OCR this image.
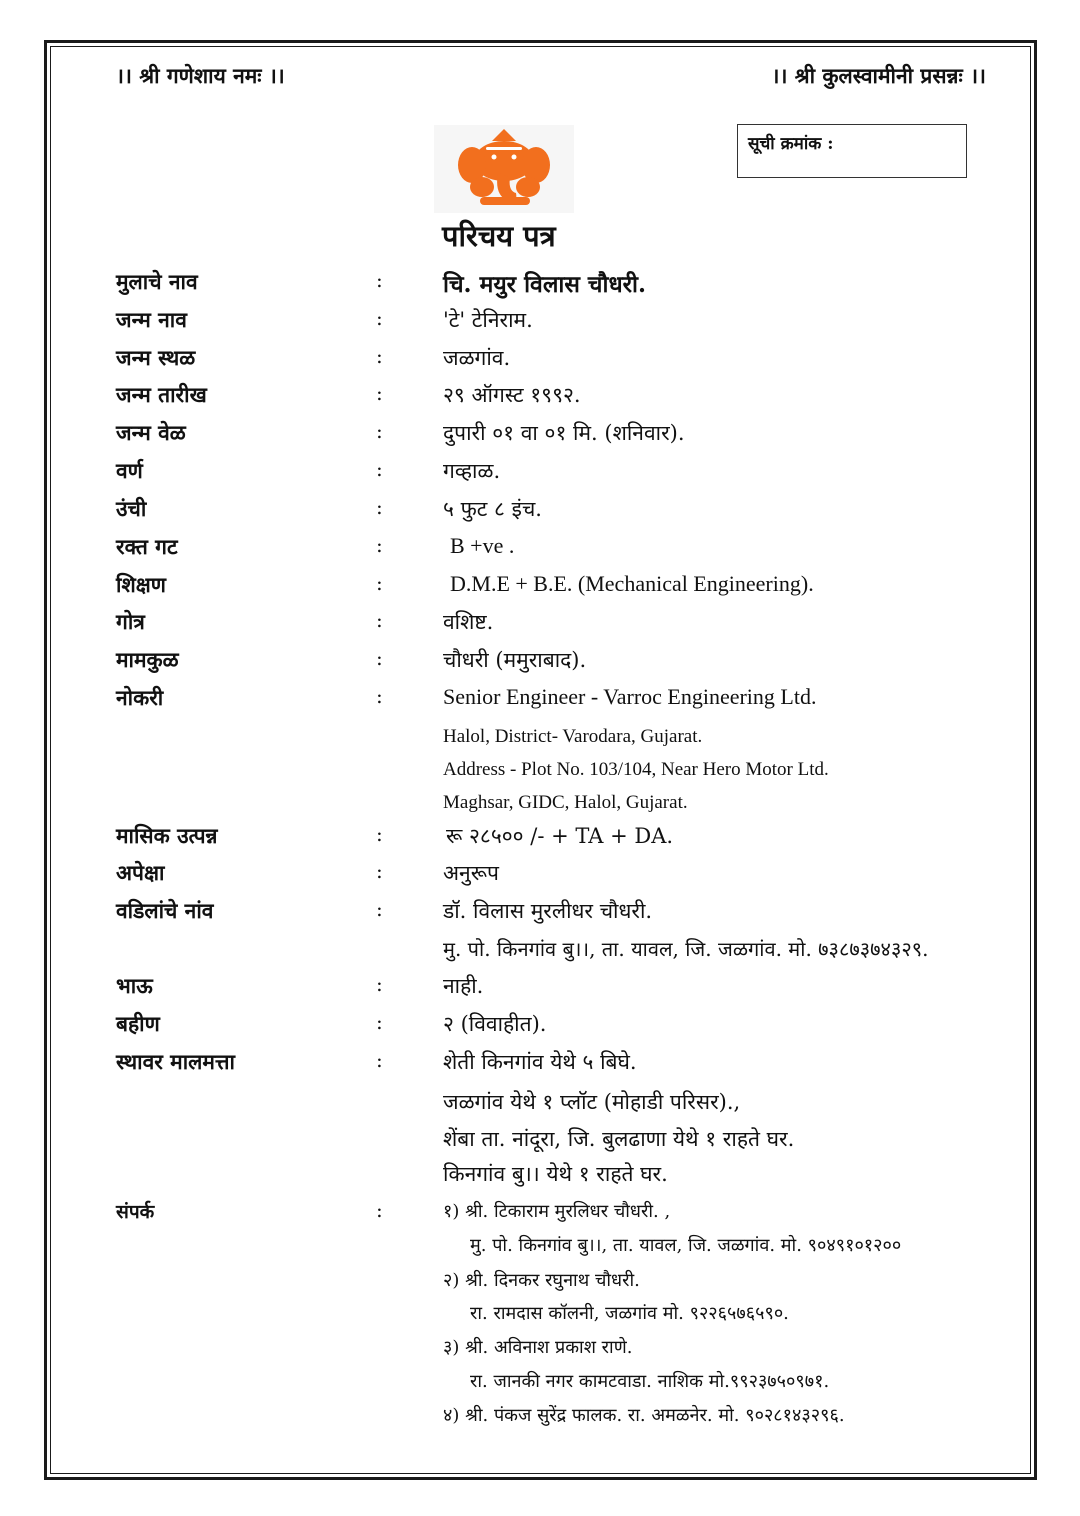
।। श्री गणेशाय नमः ।।	।। श्री कुलस्वामीनी प्रसन्नः ।।
सूची क्रमांक :
परिचय पत्र
मुलाचे नाव	:	चि. मयुर विलास चौधरी.
जन्म नाव	:	'टे' टेनिराम.
जन्म स्थळ	:	जळगांव.
जन्म तारीख	:	२९ ऑगस्ट १९९२.
जन्म वेळ	:	दुपारी ०१ वा ०१ मि. (शनिवार).
वर्ण	:	गव्हाळ.
उंची	:	५ फुट ८ इंच.
रक्त गट	:	B +ve .
शिक्षण	:	D.M.E + B.E. (Mechanical Engineering).
गोत्र	:	वशिष्ट.
मामकुळ	:	चौधरी (ममुराबाद).
नोकरी	:	Senior Engineer - Varroc Engineering Ltd.
Halol, District- Varodara, Gujarat.
Address - Plot No. 103/104, Near Hero Motor Ltd.
Maghsar, GIDC, Halol, Gujarat.
मासिक उत्पन्न	:	रू २८५०० /- + TA + DA.
अपेक्षा	:	अनुरूप
वडिलांचे नांव	:	डॉ. विलास मुरलीधर चौधरी.
मु. पो. किनगांव बु।।, ता. यावल, जि. जळगांव. मो. ७३८७३७४३२९.
भाऊ	:	नाही.
बहीण	:	२ (विवाहीत).
स्थावर मालमत्ता	:	शेती किनगांव येथे ५ बिघे.
जळगांव येथे १ प्लॉट (मोहाडी परिसर).,
शेंबा ता. नांदूरा, जि. बुलढाणा येथे १ राहते घर.
किनगांव बु।। येथे १ राहते घर.
संपर्क	:	१) श्री. टिकाराम मुरलिधर चौधरी. ,
मु. पो. किनगांव बु।।, ता. यावल, जि. जळगांव. मो. ९०४९१०१२००
२) श्री. दिनकर रघुनाथ चौधरी.
रा. रामदास कॉलनी, जळगांव मो. ९२२६५७६५९०.
३) श्री. अविनाश प्रकाश राणे.
रा. जानकी नगर कामटवाडा. नाशिक मो.९९२३७५०९७१.
४) श्री. पंकज सुरेंद्र फालक. रा. अमळनेर. मो. ९०२८१४३२९६.
